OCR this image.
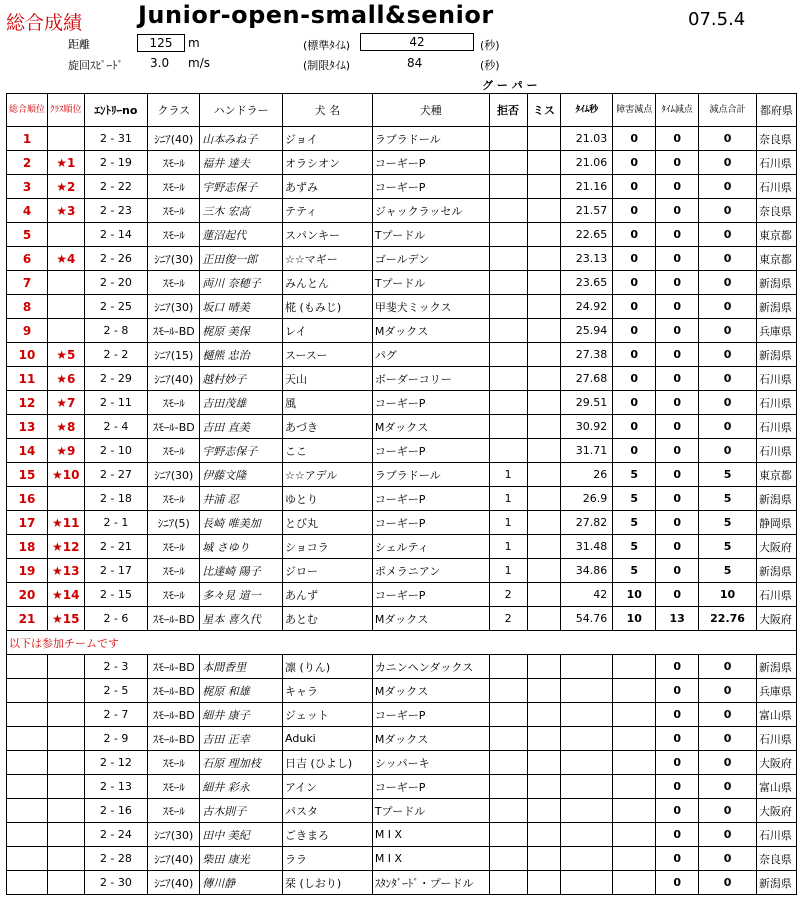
総合成績 Junior-open-small&senior	07.5.4
距離	125	m
旋回ｽﾋﾟｰﾄﾞ 3.0 m/s
(標準ﾀｲﾑ)	42	(秒)
(制限ﾀｲﾑ)	84	(秒)
グ ー パ ー
総合順位	ｸﾗｽ順位	ｴﾝﾄﾘｰno	クラス	ハンドラー	犬 名	犬種	拒否	ミス	ﾀｲﾑ秒	障害減点	ﾀｲﾑ減点	減点合計	都府県
1		2 - 31	ｼﾆｱ(40)	山本みね子	ジョイ	ラブラドール			21.03	0	0	0	奈良県
2	★1	2 - 19	ｽﾓｰﾙ	福井 達夫	オラシオン	コーギーP			21.06	0	0	0	石川県
3	★2	2 - 22	ｽﾓｰﾙ	宇野志保子	あずみ	コーギーP			21.16	0	0	0	石川県
4	★3	2 - 23	ｽﾓｰﾙ	三木 宏高	テティ	ジャックラッセル			21.57	0	0	0	奈良県
5		2 - 14	ｽﾓｰﾙ	蓮沼起代	スパンキー	Tプードル			22.65	0	0	0	東京都
6	★4	2 - 26	ｼﾆｱ(30)	正田俊一郎	☆☆マギー	ゴールデン			23.13	0	0	0	東京都
7		2 - 20	ｽﾓｰﾙ	両川 奈穂子	みんとん	Tプードル			23.65	0	0	0	新潟県
8		2 - 25	ｼﾆｱ(30)	坂口 晴美	椛 (もみじ)	甲斐犬ミックス			24.92	0	0	0	新潟県
9		2 - 8	ｽﾓｰﾙ-BD	梶原 美保	レイ	Mダックス			25.94	0	0	0	兵庫県
10	★5	2 - 2	ｼﾆｱ(15)	樋熊 忠治	スースー	パグ			27.38	0	0	0	新潟県
11	★6	2 - 29	ｼﾆｱ(40)	越村妙子	天山	ボーダーコリー			27.68	0	0	0	石川県
12	★7	2 - 11	ｽﾓｰﾙ	吉田茂雄	風	コーギーP			29.51	0	0	0	石川県
13	★8	2 - 4	ｽﾓｰﾙ-BD	吉田 直美	あづき	Mダックス			30.92	0	0	0	石川県
14	★9	2 - 10	ｽﾓｰﾙ	宇野志保子	ここ	コーギーP			31.71	0	0	0	石川県
15	★10	2 - 27	ｼﾆｱ(30)	伊藤文隆	☆☆アデル	ラブラドール	1		26	5	0	5	東京都
16		2 - 18	ｽﾓｰﾙ	井浦 忍	ゆとり	コーギーP	1		26.9	5	0	5	新潟県
17	★11	2 - 1	ｼﾆｱ(5)	長崎 唯美加	とび丸	コーギーP	1		27.82	5	0	5	静岡県
18	★12	2 - 21	ｽﾓｰﾙ	城 さゆり	ショコラ	シェルティ	1		31.48	5	0	5	大阪府
19	★13	2 - 17	ｽﾓｰﾙ	比達崎 陽子	ジロー	ポメラニアン	1		34.86	5	0	5	新潟県
20	★14	2 - 15	ｽﾓｰﾙ	多々見 道一	あんず	コーギーP	2		42	10	0	10	石川県
21	★15	2 - 6	ｽﾓｰﾙ-BD	星本 喜久代	あとむ	Mダックス	2		54.76	10	13	22.76	大阪府
以下は参加チームです													
		2 - 3	ｽﾓｰﾙ-BD	本間香里	凛 (りん)	カニンヘンダックス					0	0	新潟県
		2 - 5	ｽﾓｰﾙ-BD	梶原 和雄	キャラ	Mダックス					0	0	兵庫県
		2 - 7	ｽﾓｰﾙ-BD	細井 康子	ジェット	コーギーP					0	0	富山県
		2 - 9	ｽﾓｰﾙ-BD	吉田 正幸	Aduki	Mダックス					0	0	石川県
		2 - 12	ｽﾓｰﾙ	石原 理加枝	日吉 (ひよし)	シッパーキ					0	0	大阪府
		2 - 13	ｽﾓｰﾙ	細井 彩永	アイン	コーギーP					0	0	富山県
		2 - 16	ｽﾓｰﾙ	古木則子	パスタ	Tプードル					0	0	大阪府
		2 - 24	ｼﾆｱ(30)	田中 美紀	ごきまろ	M I X					0	0	石川県
		2 - 28	ｼﾆｱ(40)	柴田 康光	ララ	M I X					0	0	奈良県
		2 - 30	ｼﾆｱ(40)	傳川静	栞 (しおり)	ｽﾀﾝﾀﾞｰﾄﾞ・プードル					0	0	新潟県
